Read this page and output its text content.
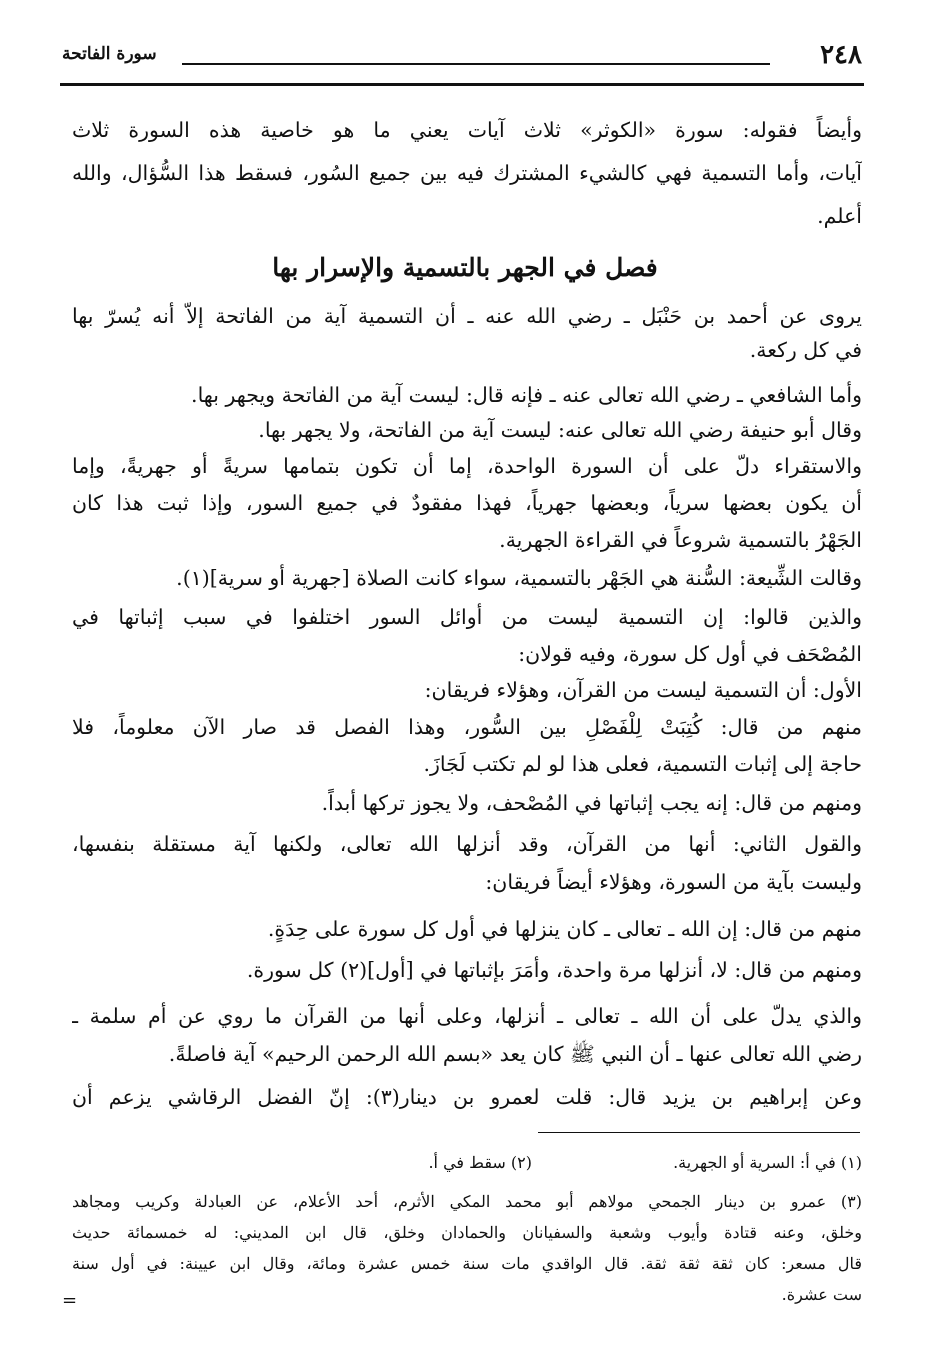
٢٤٨
سورة الفاتحة
وأيضاً فقوله: سورة «الكوثر» ثلاث آيات يعني ما هو خاصية هذه السورة ثلاث
آيات، وأما التسمية فهي كالشيء المشترك فيه بين جميع السُور، فسقط هذا السُّؤال، والله
أعلم.
فصل في الجهر بالتسمية والإسرار بها
يروى عن أحمد بن حَنْبَل ـ رضي الله عنه ـ أن التسمية آية من الفاتحة إلاّ أنه يُسرّ بها
في كل ركعة.
وأما الشافعي ـ رضي الله تعالى عنه ـ فإنه قال: ليست آية من الفاتحة ويجهر بها.
وقال أبو حنيفة رضي الله تعالى عنه: ليست آية من الفاتحة، ولا يجهر بها.
والاستقراء دلّ على أن السورة الواحدة، إما أن تكون بتمامها سريةً أو جهريةً، وإما
أن يكون بعضها سرياً، وبعضها جهرياً، فهذا مفقودٌ في جميع السور، وإذا ثبت هذا كان
الجَهْرُ بالتسمية شروعاً في القراءة الجهرية.
وقالت الشِّيعة: السُّنة هي الجَهْر بالتسمية، سواء كانت الصلاة [جهرية أو سرية](١).
والذين قالوا: إن التسمية ليست من أوائل السور اختلفوا في سبب إثباتها في
المُصْحَف في أول كل سورة، وفيه قولان:
الأول: أن التسمية ليست من القرآن، وهؤلاء فريقان:
منهم من قال: كُتِبَتْ لِلْفَصْلِ بين السُّور، وهذا الفصل قد صار الآن معلوماً، فلا
حاجة إلى إثبات التسمية، فعلى هذا لو لم تكتب لَجَازَ.
ومنهم من قال: إنه يجب إثباتها في المُصْحف، ولا يجوز تركها أبداً.
والقول الثاني: أنها من القرآن، وقد أنزلها الله تعالى، ولكنها آية مستقلة بنفسها،
وليست بآية من السورة، وهؤلاء أيضاً فريقان:
منهم من قال: إن الله ـ تعالى ـ كان ينزلها في أول كل سورة على حِدَةٍ.
ومنهم من قال: لا، أنزلها مرة واحدة، وأمَرَ بإثباتها في [أول](٢) كل سورة.
والذي يدلّ على أن الله ـ تعالى ـ أنزلها، وعلى أنها من القرآن ما روي عن أم سلمة ـ
رضي الله تعالى عنها ـ أن النبي ﷺ كان يعد «بسم الله الرحمن الرحيم» آية فاصلةً.
وعن إبراهيم بن يزيد قال: قلت لعمرو بن دينار(٣): إنّ الفضل الرقاشي يزعم أن
(١) في أ: السرية أو الجهرية.
(٢) سقط في أ.
(٣) عمرو بن دينار الجمحي مولاهم أبو محمد المكي الأثرم، أحد الأعلام، عن العبادلة وكريب ومجاهد
وخلق، وعنه قتادة وأيوب وشعبة والسفيانان والحمادان وخلق، قال ابن المديني: له خمسمائة حديث
قال مسعر: كان ثقة ثقة ثقة. قال الواقدي مات سنة خمس عشرة ومائة، وقال ابن عيينة: في أول سنة
ست عشرة.
=
